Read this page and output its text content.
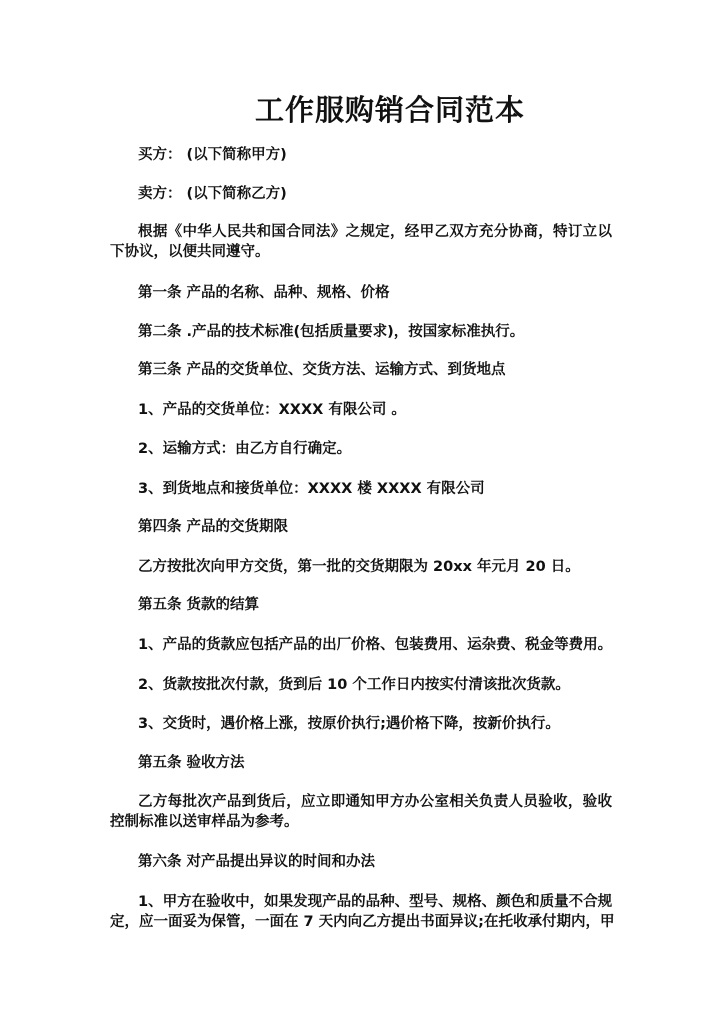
工作服购销合同范本
买方： (以下简称甲方)
卖方： (以下简称乙方)
根据《中华人民共和国合同法》之规定，经甲乙双方充分协商，特订立以
下协议，以便共同遵守。
第一条 产品的名称、品种、规格、价格
第二条 .产品的技术标准(包括质量要求)，按国家标准执行。
第三条 产品的交货单位、交货方法、运输方式、到货地点
1、产品的交货单位：XXXX 有限公司 。
2、运输方式：由乙方自行确定。
3、到货地点和接货单位：XXXX 楼 XXXX 有限公司
第四条 产品的交货期限
乙方按批次向甲方交货，第一批的交货期限为 20xx 年元月 20 日。
第五条 货款的结算
1、产品的货款应包括产品的出厂价格、包装费用、运杂费、税金等费用。
2、货款按批次付款，货到后 10 个工作日内按实付清该批次货款。
3、交货时，遇价格上涨，按原价执行;遇价格下降，按新价执行。
第五条 验收方法
乙方每批次产品到货后，应立即通知甲方办公室相关负责人员验收，验收
控制标准以送审样品为参考。
第六条 对产品提出异议的时间和办法
1、甲方在验收中，如果发现产品的品种、型号、规格、颜色和质量不合规
定，应一面妥为保管，一面在 7 天内向乙方提出书面异议;在托收承付期内，甲
